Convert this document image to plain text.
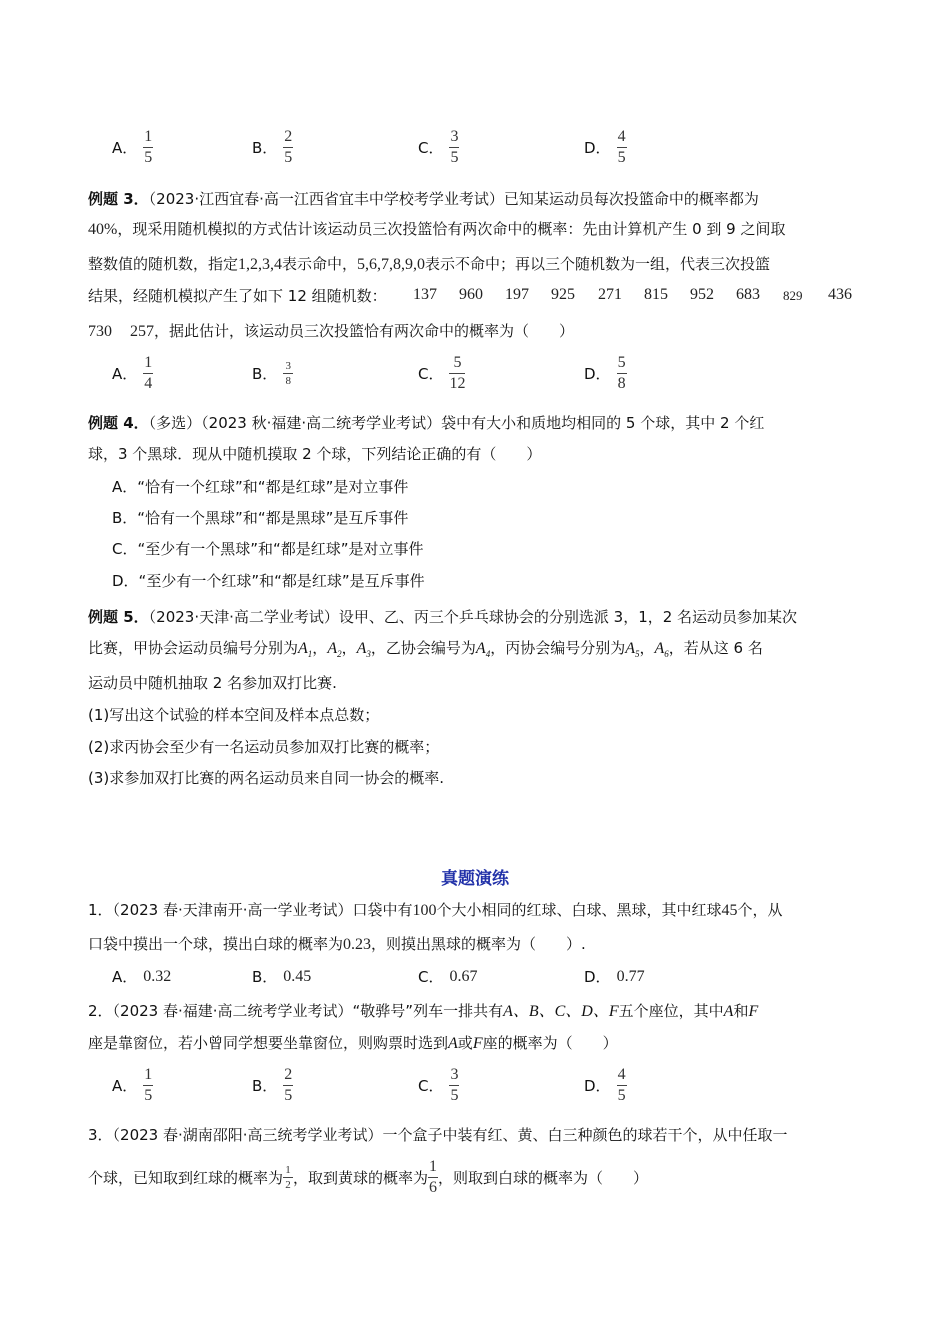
A． $\frac{1}{5}$	B． $\frac{2}{5}$	C． $\frac{3}{5}$	D． $\frac{4}{5}$
例题 3．（2023·江西宜春·高一江西省宜丰中学校考学业考试）已知某运动员每次投篮命中的概率都为
40%，现采用随机模拟的方式估计该运动员三次投篮恰有两次命中的概率：先由计算机产生 0 到 9 之间取
整数值的随机数，指定1,2,3,4表示命中，5,6,7,8,9,0表示不命中；再以三个随机数为一组，代表三次投篮
结果，经随机模拟产生了如下 12 组随机数： 137 960 197 925 271 815 952 683 829 436
730 257，据此估计，该运动员三次投篮恰有两次命中的概率为（　　）
A． $\frac{1}{4}$	B． $\frac{3}{8}$	C． $\frac{5}{12}$	D． $\frac{5}{8}$
例题 4．（多选）（2023 秋·福建·高二统考学业考试）袋中有大小和质地均相同的 5 个球，其中 2 个红
球，3 个黑球．现从中随机摸取 2 个球，下列结论正确的有（　　）
A．“恰有一个红球”和“都是红球”是对立事件
B．“恰有一个黑球”和“都是黑球”是互斥事件
C．“至少有一个黑球”和“都是红球”是对立事件
D．“至少有一个红球”和“都是红球”是互斥事件
例题 5．（2023·天津·高二学业考试）设甲、乙、丙三个乒乓球协会的分别选派 3，1，2 名运动员参加某次
比赛，甲协会运动员编号分别为$A_1$，$A_2$，$A_3$，乙协会编号为$A_4$，丙协会编号分别为$A_5$，$A_6$，若从这 6 名
运动员中随机抽取 2 名参加双打比赛.
(1)写出这个试验的样本空间及样本点总数；
(2)求丙协会至少有一名运动员参加双打比赛的概率；
(3)求参加双打比赛的两名运动员来自同一协会的概率.
真题演练
1．（2023 春·天津南开·高一学业考试）口袋中有100个大小相同的红球、白球、黑球，其中红球45个，从
口袋中摸出一个球，摸出白球的概率为0.23，则摸出黑球的概率为（　　）.
A． 0.32	B． 0.45	C． 0.67	D． 0.77
2．（2023 春·福建·高二统考学业考试）“敬骅号”列车一排共有A、B、C、D、F五个座位，其中A和F
座是靠窗位，若小曾同学想要坐靠窗位，则购票时选到A或F座的概率为（　　）
A． $\frac{1}{5}$	B． $\frac{2}{5}$	C． $\frac{3}{5}$	D． $\frac{4}{5}$
3．（2023 春·湖南邵阳·高三统考学业考试）一个盒子中装有红、黄、白三种颜色的球若干个，从中任取一
个球，已知取到红球的概率为 $\frac{1}{2}$ ，取到黄球的概率为 $\frac{1}{6}$ ，则取到白球的概率为（　　）
